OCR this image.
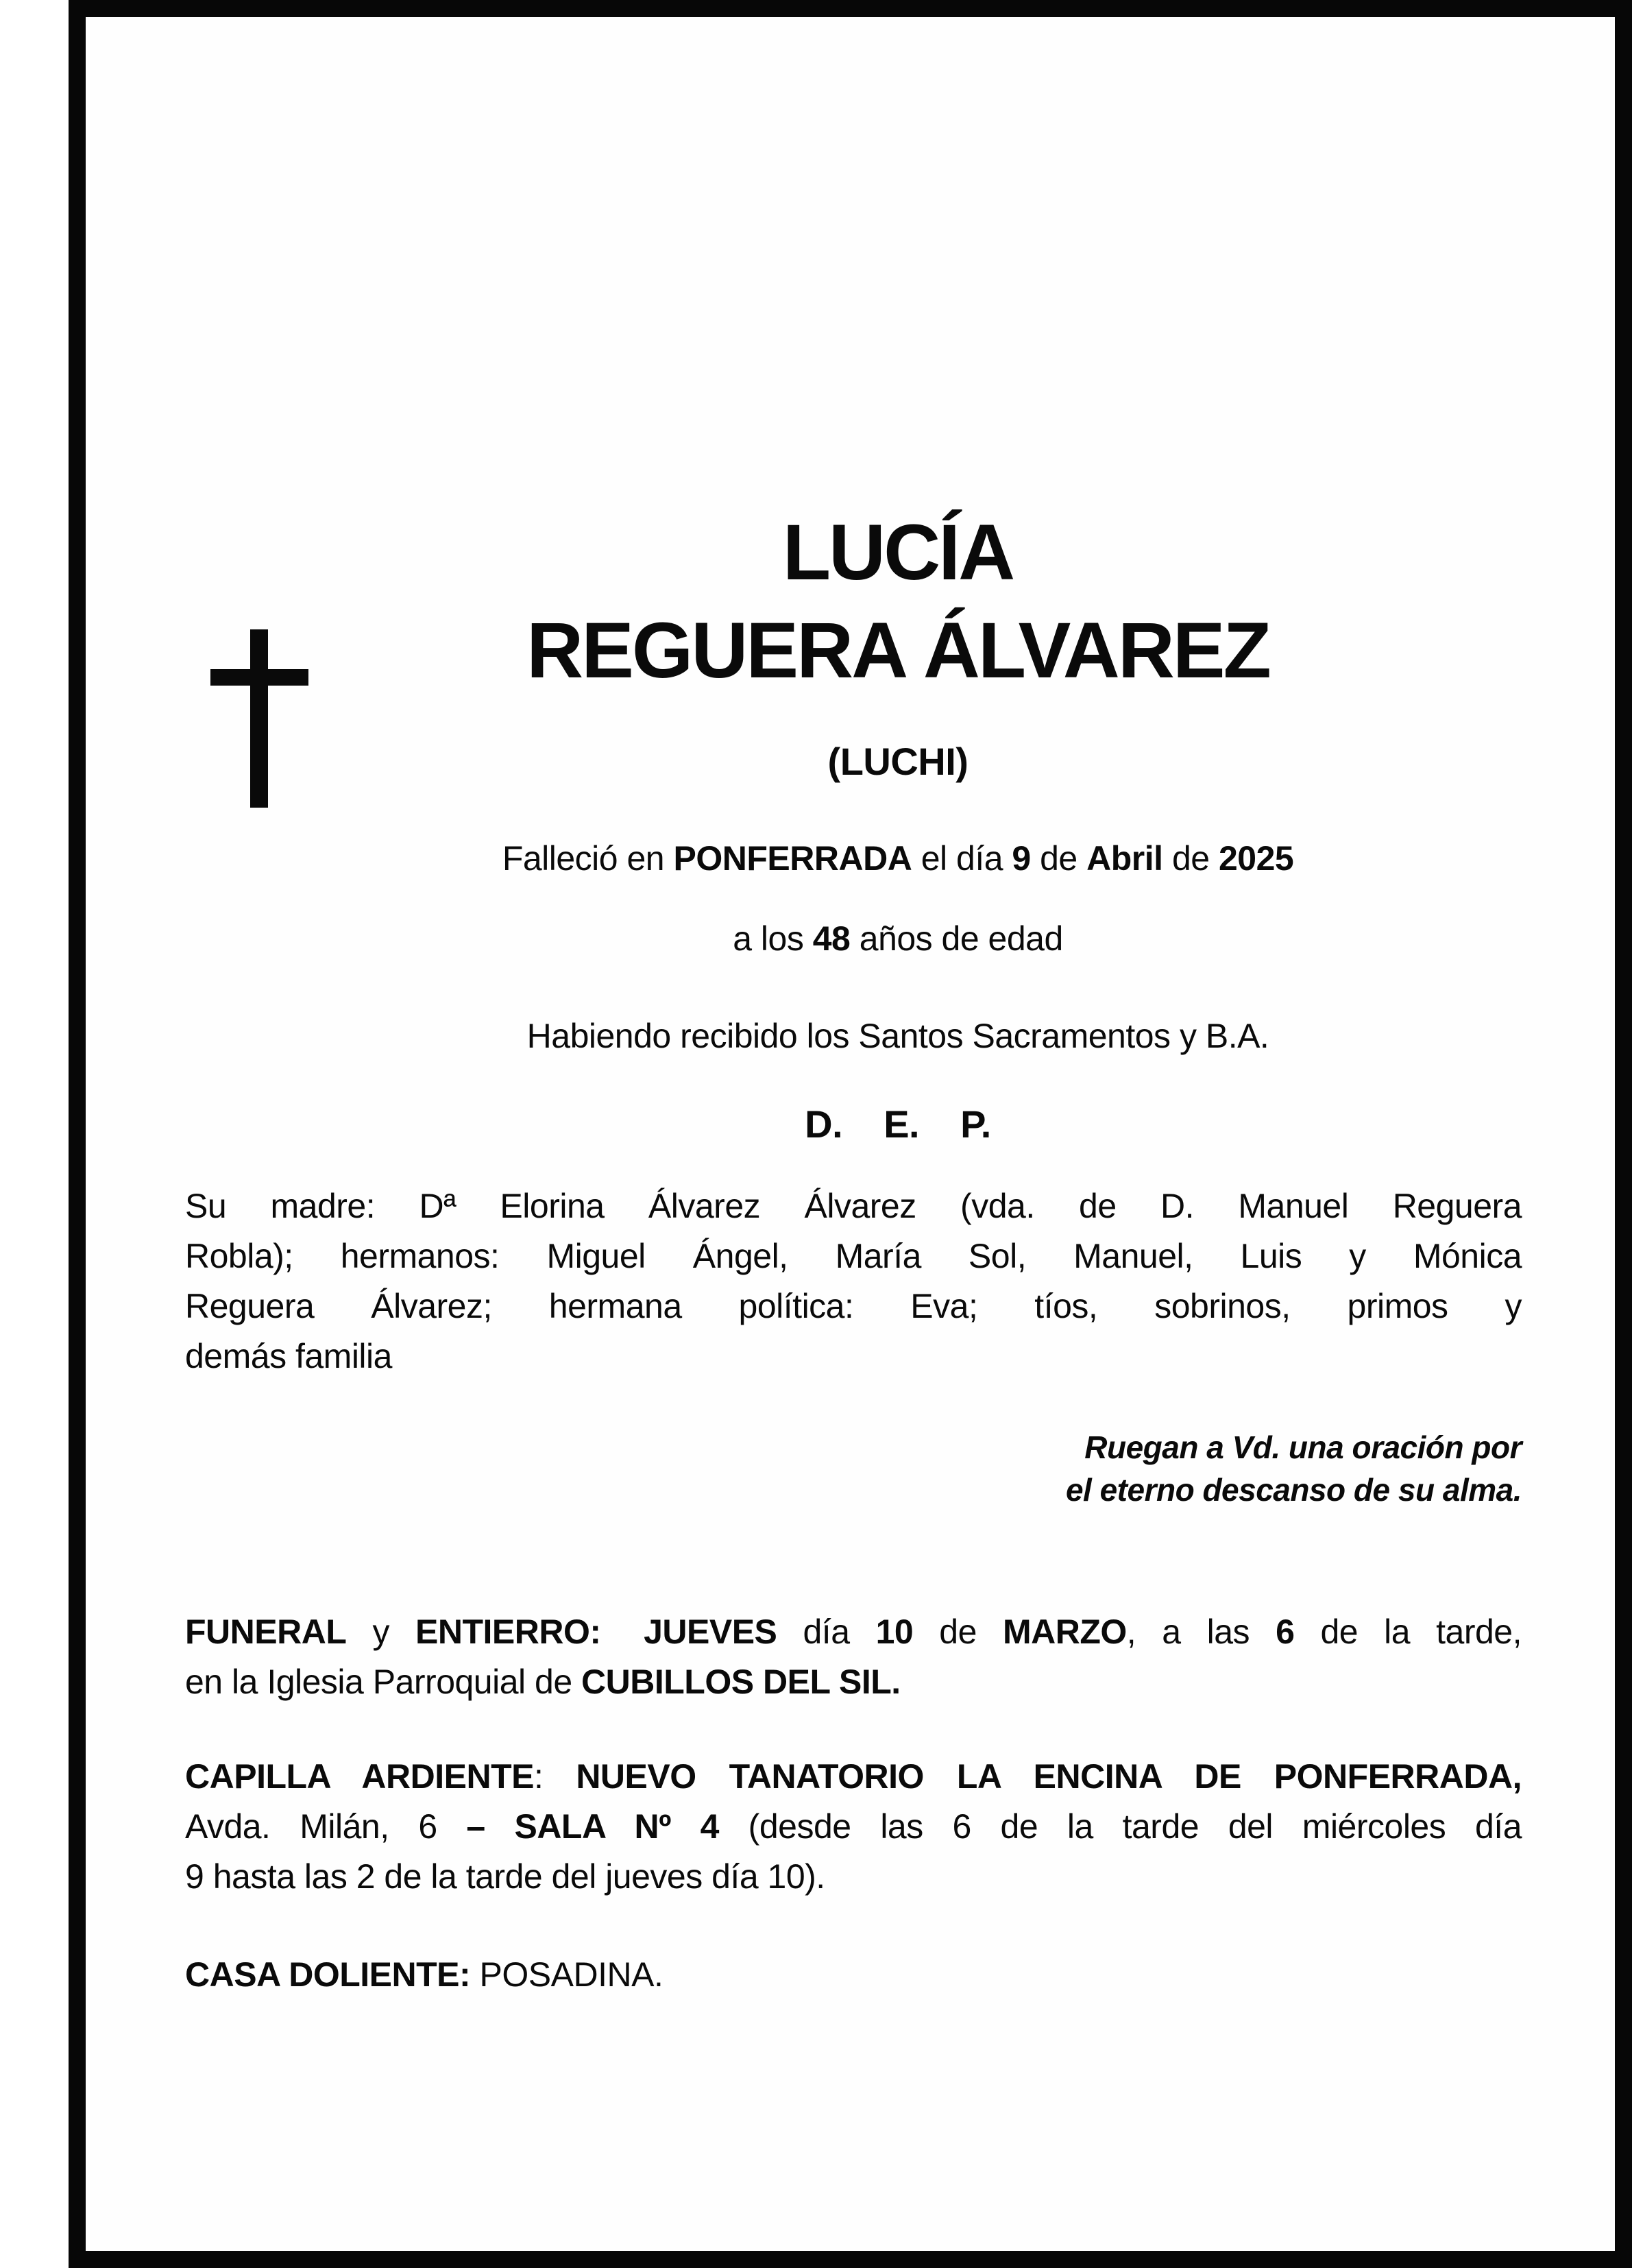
LUCÍA

REGUERA ÁLVAREZ

(LUCHI)

Falleció en PONFERRADA el día 9 de Abril de 2025

a los 48 años de edad

Habiendo recibido los Santos Sacramentos y B.A.

D. E. P.

Su madre: Dª Elorina Álvarez Álvarez (vda. de D. Manuel Reguera

Robla); hermanos: Miguel Ángel, María Sol, Manuel, Luis y Mónica

Reguera Álvarez; hermana política: Eva; tíos, sobrinos, primos y

demás familia

Ruegan a Vd. una oración por

el eterno descanso de su alma.

FUNERAL y ENTIERRO:   JUEVES día 10 de MARZO, a las 6 de la tarde,

en la Iglesia Parroquial de CUBILLOS DEL SIL.

CAPILLA ARDIENTE: NUEVO TANATORIO LA ENCINA DE PONFERRADA,

Avda. Milán, 6 – SALA Nº 4 (desde las 6 de la tarde del miércoles día

9 hasta las 2 de la tarde del jueves día 10).

CASA DOLIENTE: POSADINA.
